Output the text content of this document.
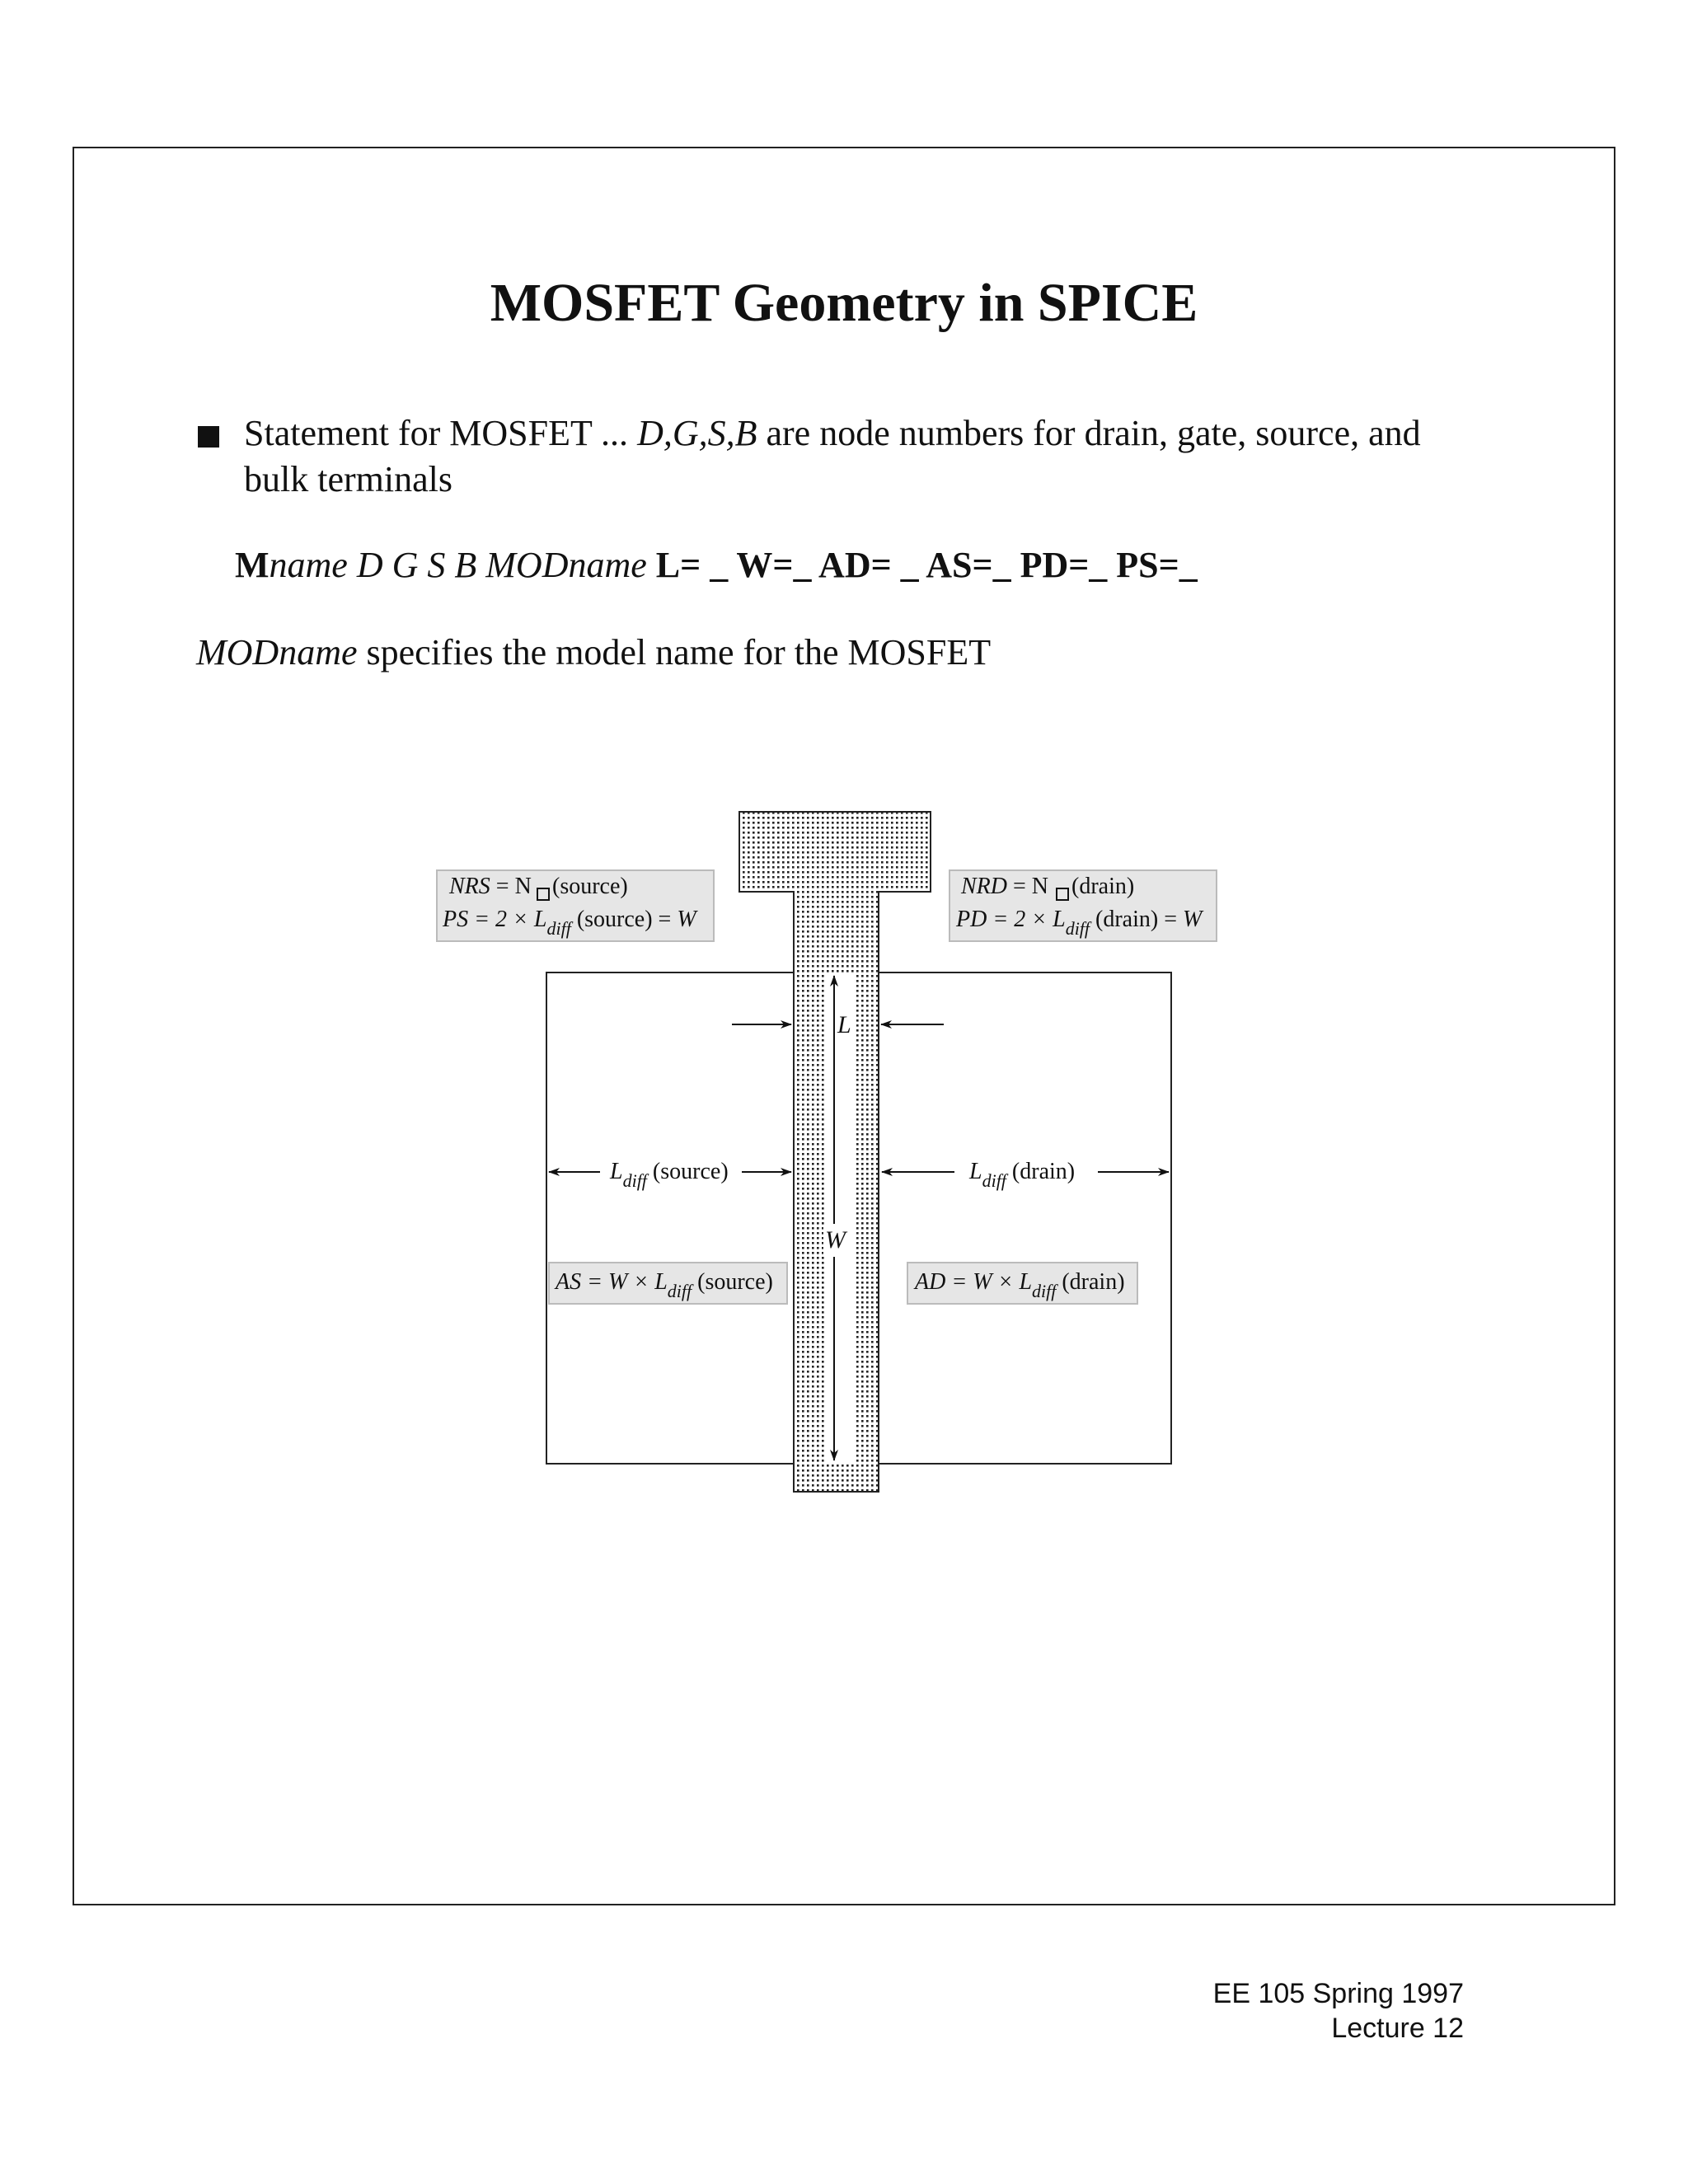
MOSFET Geometry in SPICE
Statement for MOSFET ... D,G,S,B are node numbers for drain, gate, source, and bulk terminals
Mname D G S B MODname L= _ W=_ AD= _ AS=_ PD=_ PS=_
MODname specifies the model name for the MOSFET
NRS = N (source)
PS = $2 \times L_{diff}$ (source) = W
NRD = N (drain)
PD = $2 \times L_{diff}$ (drain) = W
L
W
$L_{diff}$ (source)	$L_{diff}$ (drain)
AS = $W \times L_{diff}$ (source)	AD = $W \times L_{diff}$ (drain)
EE 105 Spring 1997
Lecture 12
